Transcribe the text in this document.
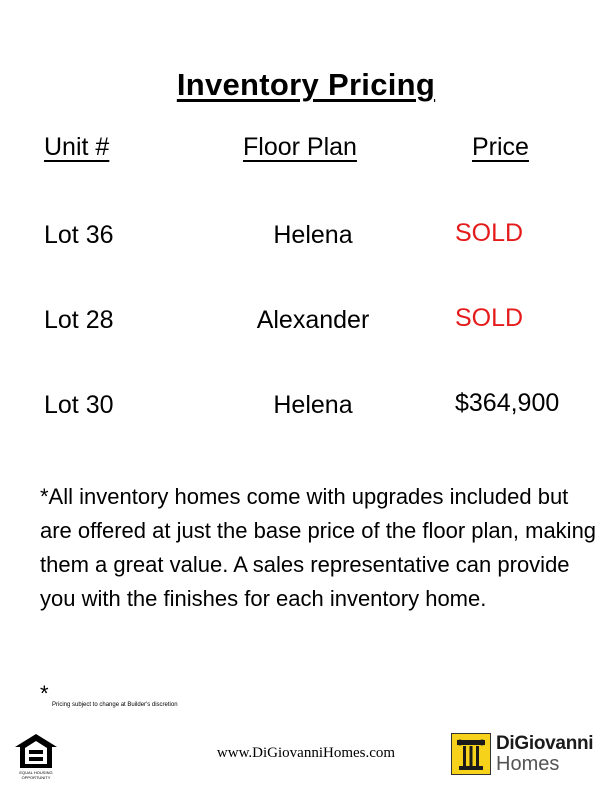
Inventory Pricing
Unit #	Floor Plan	Price
Lot 36	Helena	SOLD
Lot 28	Alexander	SOLD
Lot 30	Helena	$364,900
*All inventory homes come with upgrades included but are offered at just the base price of the floor plan, making them a great value. A sales representative can provide you with the finishes for each inventory home.
* Pricing subject to change at Builder's discretion
EQUAL HOUSING OPPORTUNITY
www.DiGiovanniHomes.com	DiGiovanni
Homes
